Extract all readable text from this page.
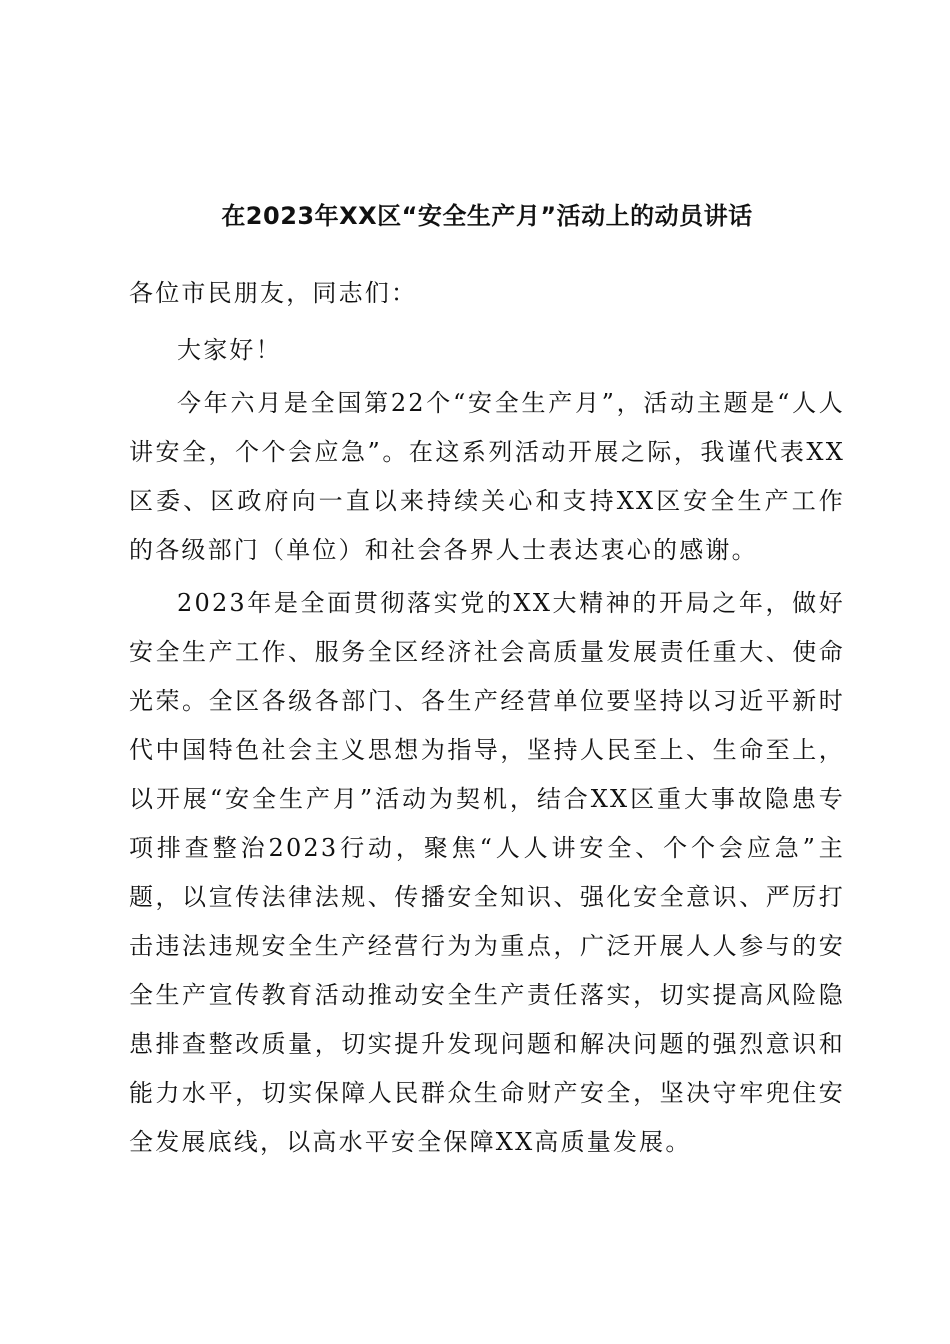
在2023年XX区“安全生产月”活动上的动员讲话

各位市民朋友，同志们：

大家好！

今年六月是全国第22个“安全生产月”，活动主题是“人人讲安全，个个会应急”。在这系列活动开展之际，我谨代表XX区委、区政府向一直以来持续关心和支持XX区安全生产工作的各级部门（单位）和社会各界人士表达衷心的感谢。

2023年是全面贯彻落实党的XX大精神的开局之年，做好安全生产工作、服务全区经济社会高质量发展责任重大、使命光荣。全区各级各部门、各生产经营单位要坚持以习近平新时代中国特色社会主义思想为指导，坚持人民至上、生命至上，以开展“安全生产月”活动为契机，结合XX区重大事故隐患专项排查整治2023行动，聚焦“人人讲安全、个个会应急”主题，以宣传法律法规、传播安全知识、强化安全意识、严厉打击违法违规安全生产经营行为为重点，广泛开展人人参与的安全生产宣传教育活动推动安全生产责任落实，切实提高风险隐患排查整改质量，切实提升发现问题和解决问题的强烈意识和能力水平，切实保障人民群众生命财产安全，坚决守牢兜住安全发展底线，以高水平安全保障XX高质量发展。
